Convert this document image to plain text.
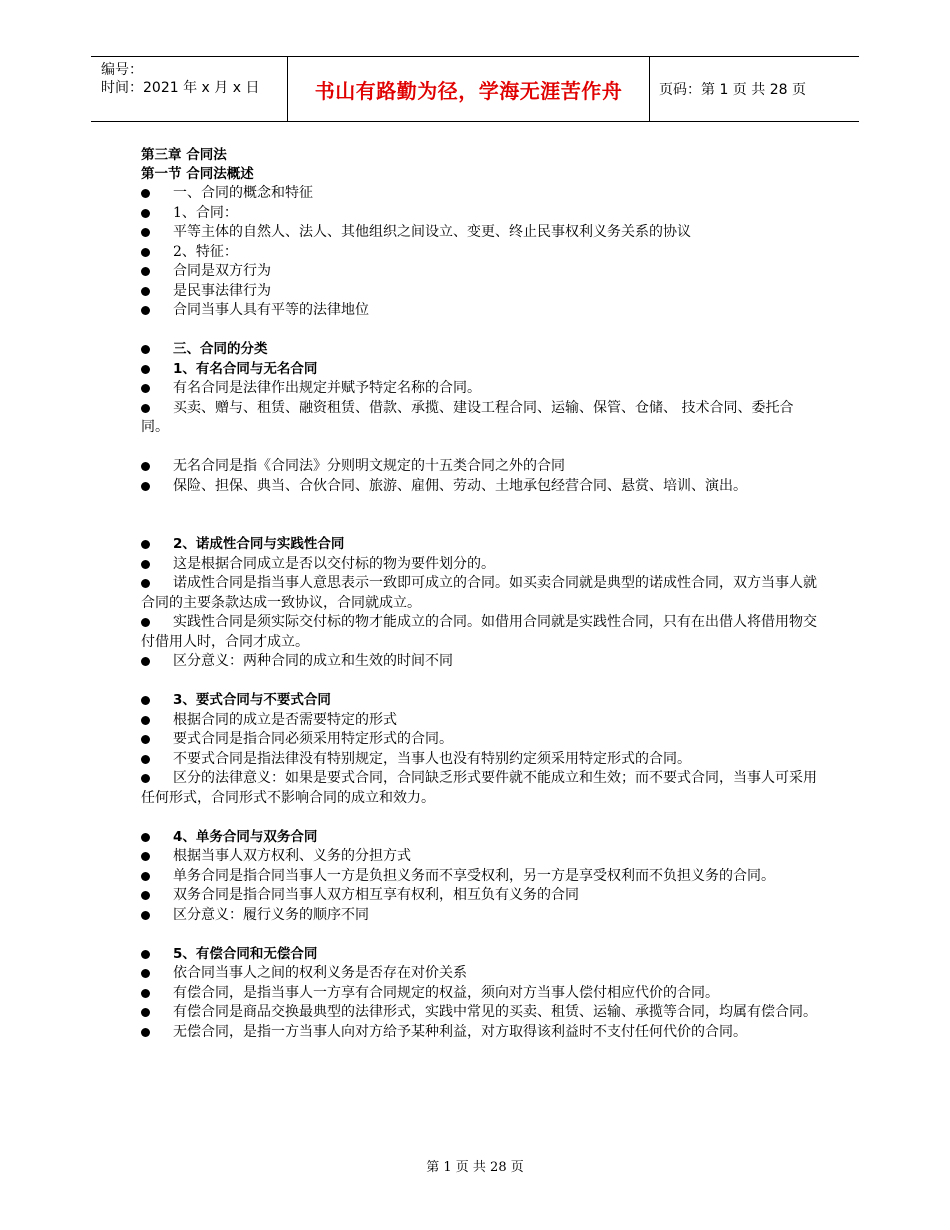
编号：
时间：2021 年 x 月 x 日	书山有路勤为径，学海无涯苦作舟	页码：第 1 页 共 28 页
第三章 合同法
第一节 合同法概述
一、合同的概念和特征
1、合同：
平等主体的自然人、法人、其他组织之间设立、变更、终止民事权利义务关系的协议
2、特征：
合同是双方行为
是民事法律行为
合同当事人具有平等的法律地位
三、合同的分类
1、有名合同与无名合同
有名合同是法律作出规定并赋予特定名称的合同。
买卖、赠与、租赁、融资租赁、借款、承揽、建设工程合同、运输、保管、仓储、 技术合同、委托合同。
无名合同是指《合同法》分则明文规定的十五类合同之外的合同
保险、担保、典当、合伙合同、旅游、雇佣、劳动、土地承包经营合同、悬赏、培训、演出。
2、诺成性合同与实践性合同
这是根据合同成立是否以交付标的物为要件划分的。
诺成性合同是指当事人意思表示一致即可成立的合同。如买卖合同就是典型的诺成性合同，双方当事人就合同的主要条款达成一致协议，合同就成立。
实践性合同是须实际交付标的物才能成立的合同。如借用合同就是实践性合同，只有在出借人将借用物交付借用人时，合同才成立。
区分意义：两种合同的成立和生效的时间不同
3、要式合同与不要式合同
根据合同的成立是否需要特定的形式
要式合同是指合同必须采用特定形式的合同。
不要式合同是指法律没有特别规定，当事人也没有特别约定须采用特定形式的合同。
区分的法律意义：如果是要式合同，合同缺乏形式要件就不能成立和生效；而不要式合同，当事人可采用任何形式，合同形式不影响合同的成立和效力。
4、单务合同与双务合同
根据当事人双方权利、义务的分担方式
单务合同是指合同当事人一方是负担义务而不享受权利，另一方是享受权利而不负担义务的合同。
双务合同是指合同当事人双方相互享有权利，相互负有义务的合同
区分意义：履行义务的顺序不同
5、有偿合同和无偿合同
依合同当事人之间的权利义务是否存在对价关系
有偿合同，是指当事人一方享有合同规定的权益，须向对方当事人偿付相应代价的合同。
有偿合同是商品交换最典型的法律形式，实践中常见的买卖、租赁、运输、承揽等合同，均属有偿合同。
无偿合同，是指一方当事人向对方给予某种利益，对方取得该利益时不支付任何代价的合同。
第 1 页 共 28 页
